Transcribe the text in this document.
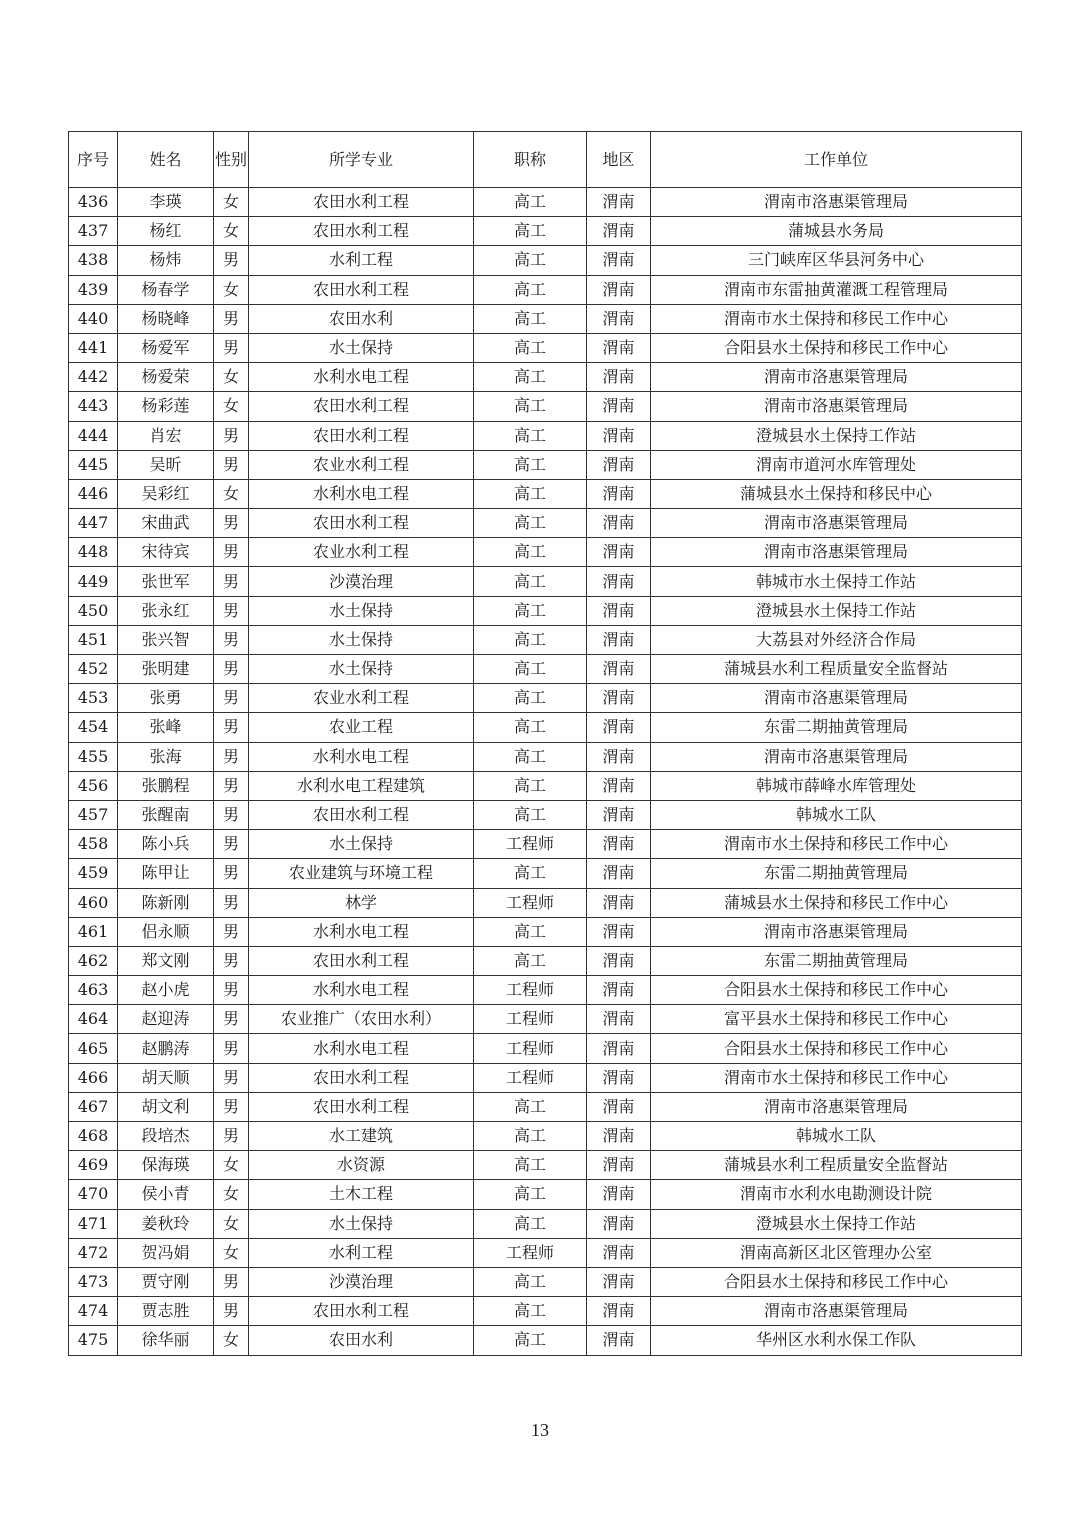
序号	姓名	性别	所学专业	职称	地区	工作单位
436	李瑛	女	农田水利工程	高工	渭南	渭南市洛惠渠管理局
437	杨红	女	农田水利工程	高工	渭南	蒲城县水务局
438	杨炜	男	水利工程	高工	渭南	三门峡库区华县河务中心
439	杨春学	女	农田水利工程	高工	渭南	渭南市东雷抽黄灌溉工程管理局
440	杨晓峰	男	农田水利	高工	渭南	渭南市水土保持和移民工作中心
441	杨爱军	男	水土保持	高工	渭南	合阳县水土保持和移民工作中心
442	杨爱荣	女	水利水电工程	高工	渭南	渭南市洛惠渠管理局
443	杨彩莲	女	农田水利工程	高工	渭南	渭南市洛惠渠管理局
444	肖宏	男	农田水利工程	高工	渭南	澄城县水土保持工作站
445	吴昕	男	农业水利工程	高工	渭南	渭南市道河水库管理处
446	吴彩红	女	水利水电工程	高工	渭南	蒲城县水土保持和移民中心
447	宋曲武	男	农田水利工程	高工	渭南	渭南市洛惠渠管理局
448	宋待宾	男	农业水利工程	高工	渭南	渭南市洛惠渠管理局
449	张世军	男	沙漠治理	高工	渭南	韩城市水土保持工作站
450	张永红	男	水土保持	高工	渭南	澄城县水土保持工作站
451	张兴智	男	水土保持	高工	渭南	大荔县对外经济合作局
452	张明建	男	水土保持	高工	渭南	蒲城县水利工程质量安全监督站
453	张勇	男	农业水利工程	高工	渭南	渭南市洛惠渠管理局
454	张峰	男	农业工程	高工	渭南	东雷二期抽黄管理局
455	张海	男	水利水电工程	高工	渭南	渭南市洛惠渠管理局
456	张鹏程	男	水利水电工程建筑	高工	渭南	韩城市薛峰水库管理处
457	张醒南	男	农田水利工程	高工	渭南	韩城水工队
458	陈小兵	男	水土保持	工程师	渭南	渭南市水土保持和移民工作中心
459	陈甲让	男	农业建筑与环境工程	高工	渭南	东雷二期抽黄管理局
460	陈新刚	男	林学	工程师	渭南	蒲城县水土保持和移民工作中心
461	侣永顺	男	水利水电工程	高工	渭南	渭南市洛惠渠管理局
462	郑文刚	男	农田水利工程	高工	渭南	东雷二期抽黄管理局
463	赵小虎	男	水利水电工程	工程师	渭南	合阳县水土保持和移民工作中心
464	赵迎涛	男	农业推广（农田水利）	工程师	渭南	富平县水土保持和移民工作中心
465	赵鹏涛	男	水利水电工程	工程师	渭南	合阳县水土保持和移民工作中心
466	胡天顺	男	农田水利工程	工程师	渭南	渭南市水土保持和移民工作中心
467	胡文利	男	农田水利工程	高工	渭南	渭南市洛惠渠管理局
468	段培杰	男	水工建筑	高工	渭南	韩城水工队
469	保海瑛	女	水资源	高工	渭南	蒲城县水利工程质量安全监督站
470	侯小青	女	土木工程	高工	渭南	渭南市水利水电勘测设计院
471	姜秋玲	女	水土保持	高工	渭南	澄城县水土保持工作站
472	贺冯娟	女	水利工程	工程师	渭南	渭南高新区北区管理办公室
473	贾守刚	男	沙漠治理	高工	渭南	合阳县水土保持和移民工作中心
474	贾志胜	男	农田水利工程	高工	渭南	渭南市洛惠渠管理局
475	徐华丽	女	农田水利	高工	渭南	华州区水利水保工作队
13
